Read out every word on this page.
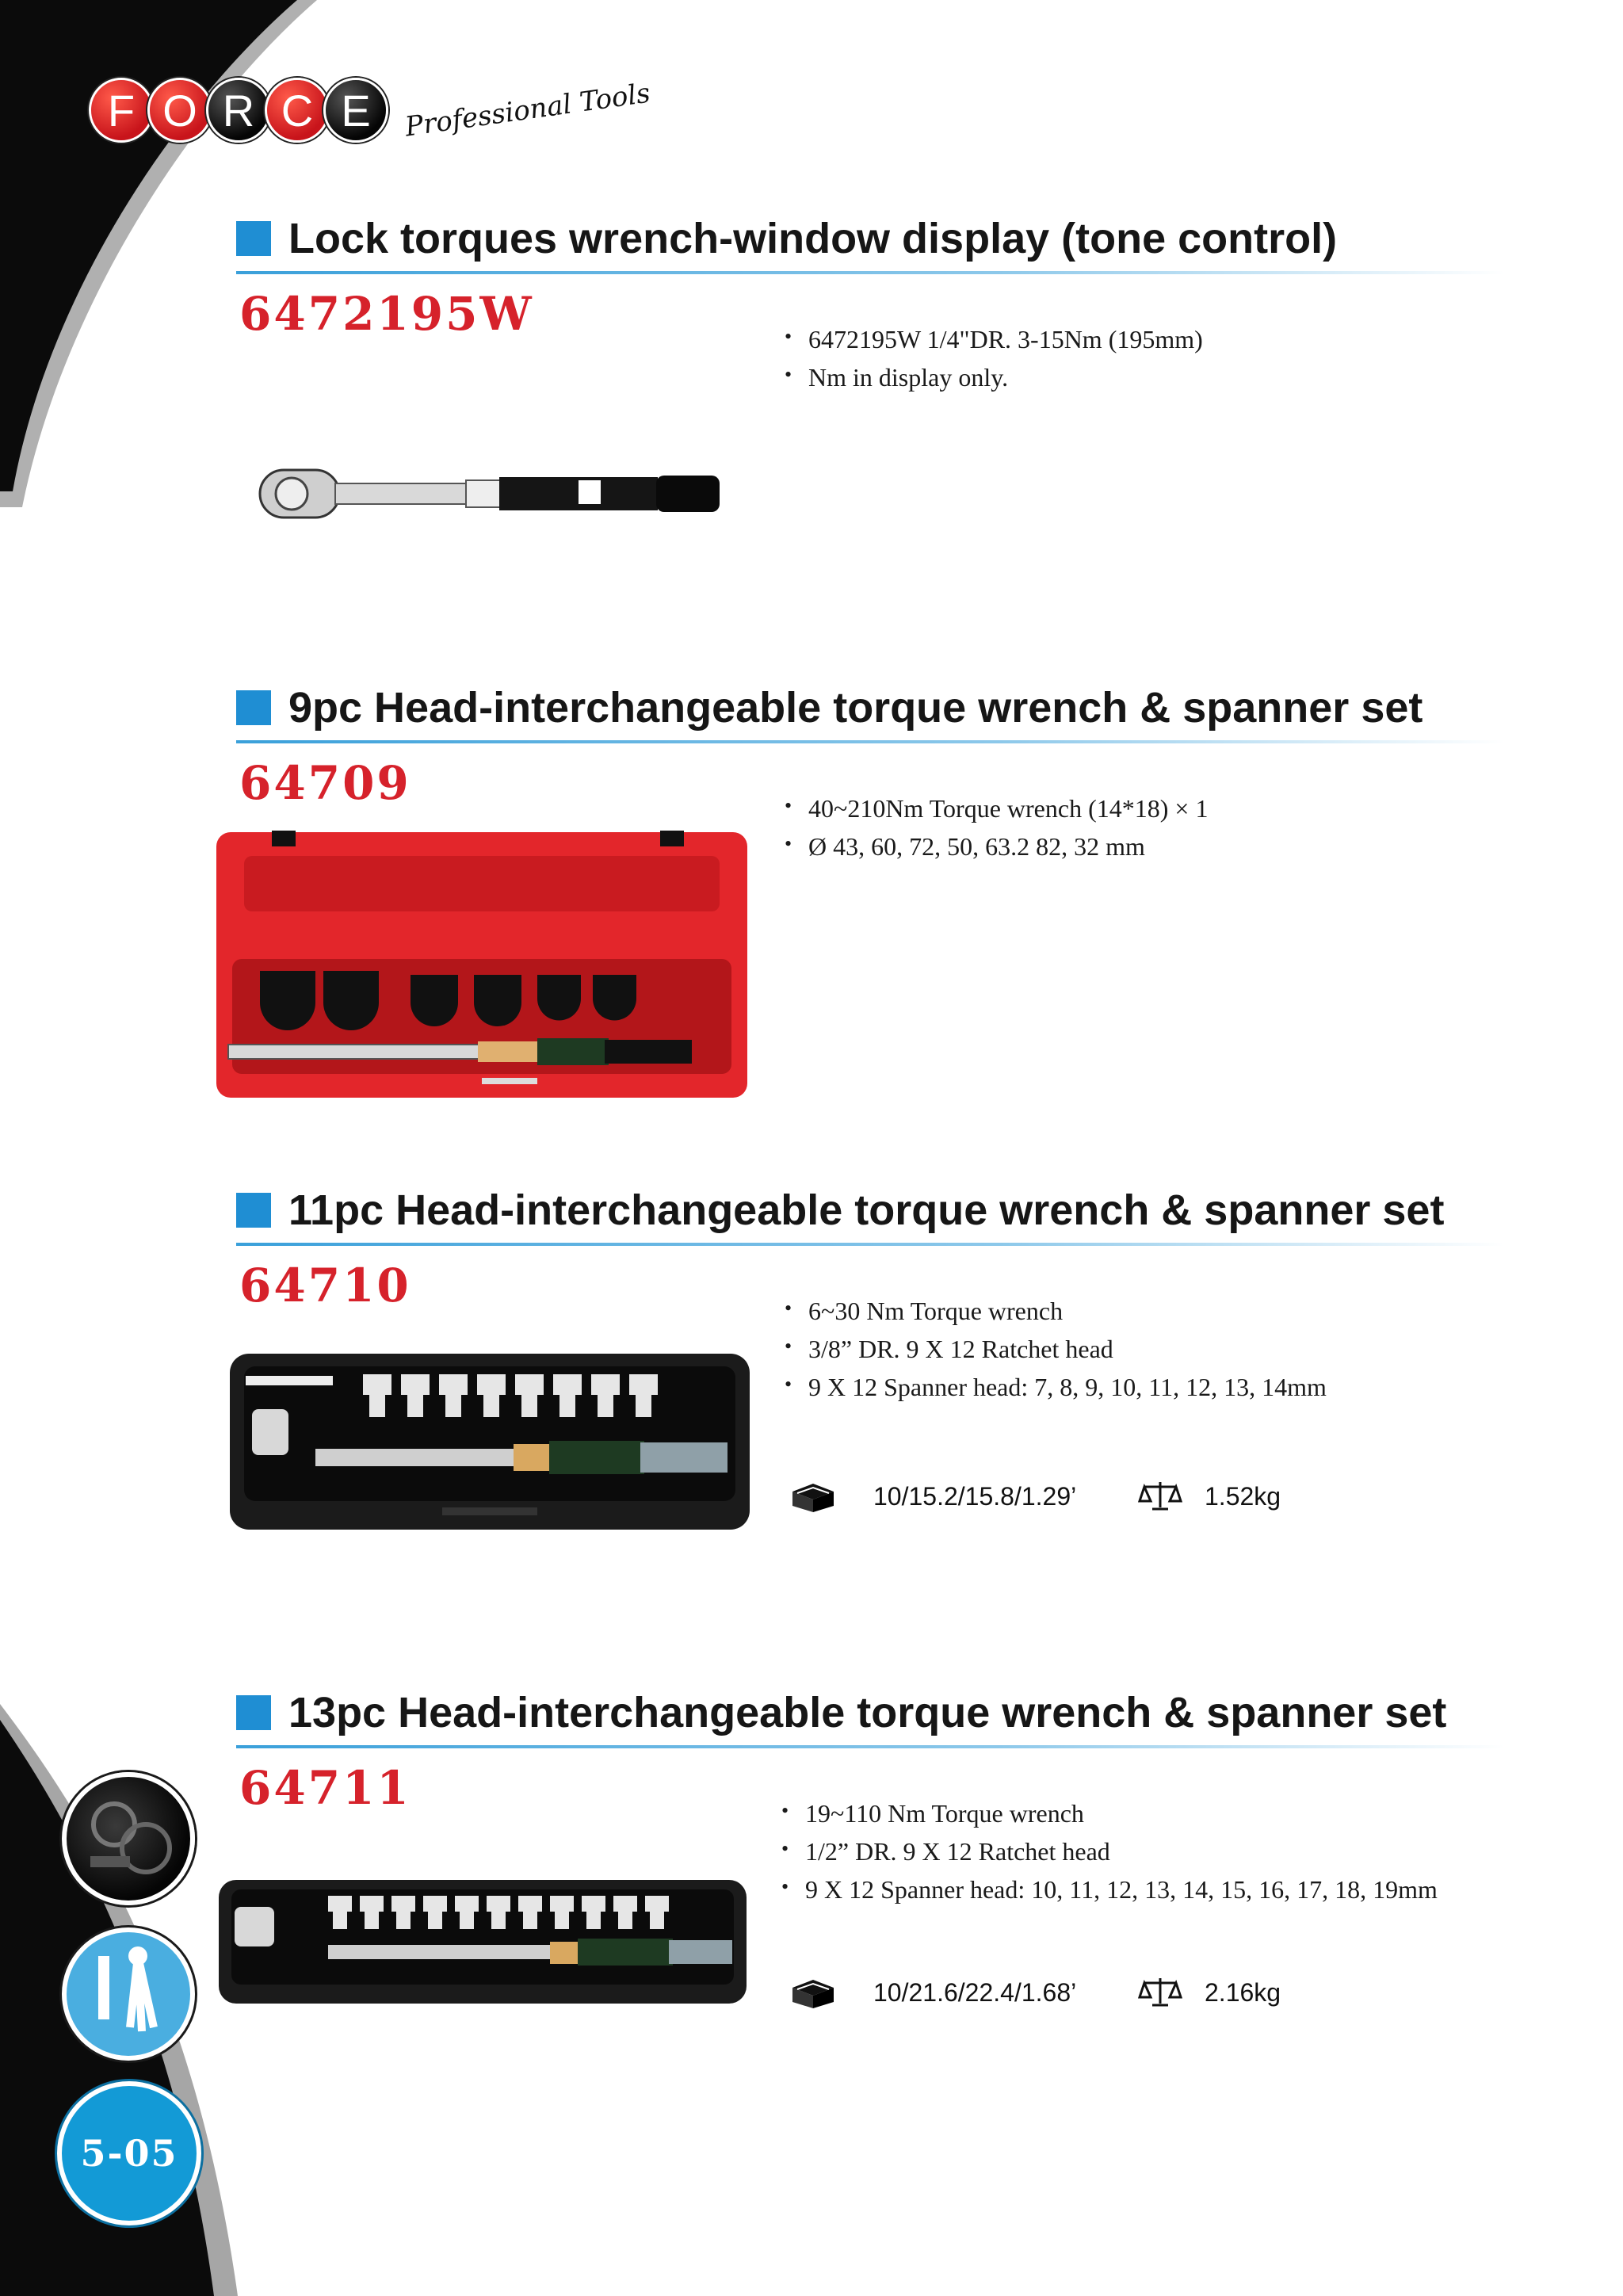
F O R C E	Professional Tools
Lock torques wrench-window display (tone control)
6472195W	• 6472195W 1/4"DR. 3-15Nm (195mm)
• Nm in display only.
9pc Head-interchangeable torque wrench & spanner set
64709	• 40~210Nm Torque wrench (14*18) × 1
• Ø 43, 60, 72, 50, 63.2 82, 32 mm
11pc Head-interchangeable torque wrench & spanner set
64710	• 6~30 Nm Torque wrench
• 3/8” DR. 9 X 12 Ratchet head
• 9 X 12 Spanner head: 7, 8, 9, 10, 11, 12, 13, 14mm
10/15.2/15.8/1.29’	1.52kg
13pc Head-interchangeable torque wrench & spanner set
64711	• 19~110 Nm Torque wrench
• 1/2” DR. 9 X 12 Ratchet head
• 9 X 12 Spanner head: 10, 11, 12, 13, 14, 15, 16, 17, 18, 19mm
10/21.6/22.4/1.68’	2.16kg
5-05
